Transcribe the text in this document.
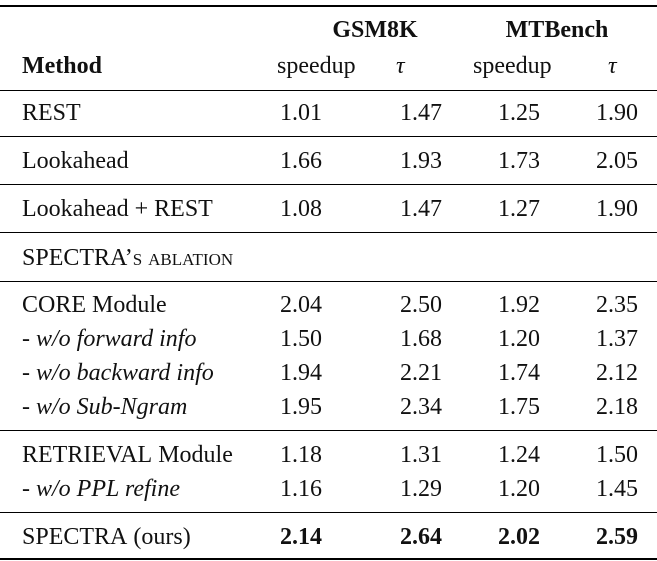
GSM8K	MTBench
Method	speedup τ	speedup τ
REST	1.01	1.47 1.25 1.90
Lookahead	1.66	1.93 1.73 2.05
Lookahead + REST	1.08	1.47 1.27 1.90
SPECTRA’s ablation
CORE Module	2.04	2.50 1.92 2.35
- w/o forward info	1.50	1.68 1.20 1.37
- w/o backward info	1.94	2.21 1.74 2.12
- w/o Sub-Ngram	1.95	2.34 1.75 2.18
RETRIEVAL Module 1.18	1.31 1.24 1.50
- w/o PPL refine	1.16	1.29 1.20 1.45
SPECTRA (ours)	2.14	2.64 2.02 2.59
